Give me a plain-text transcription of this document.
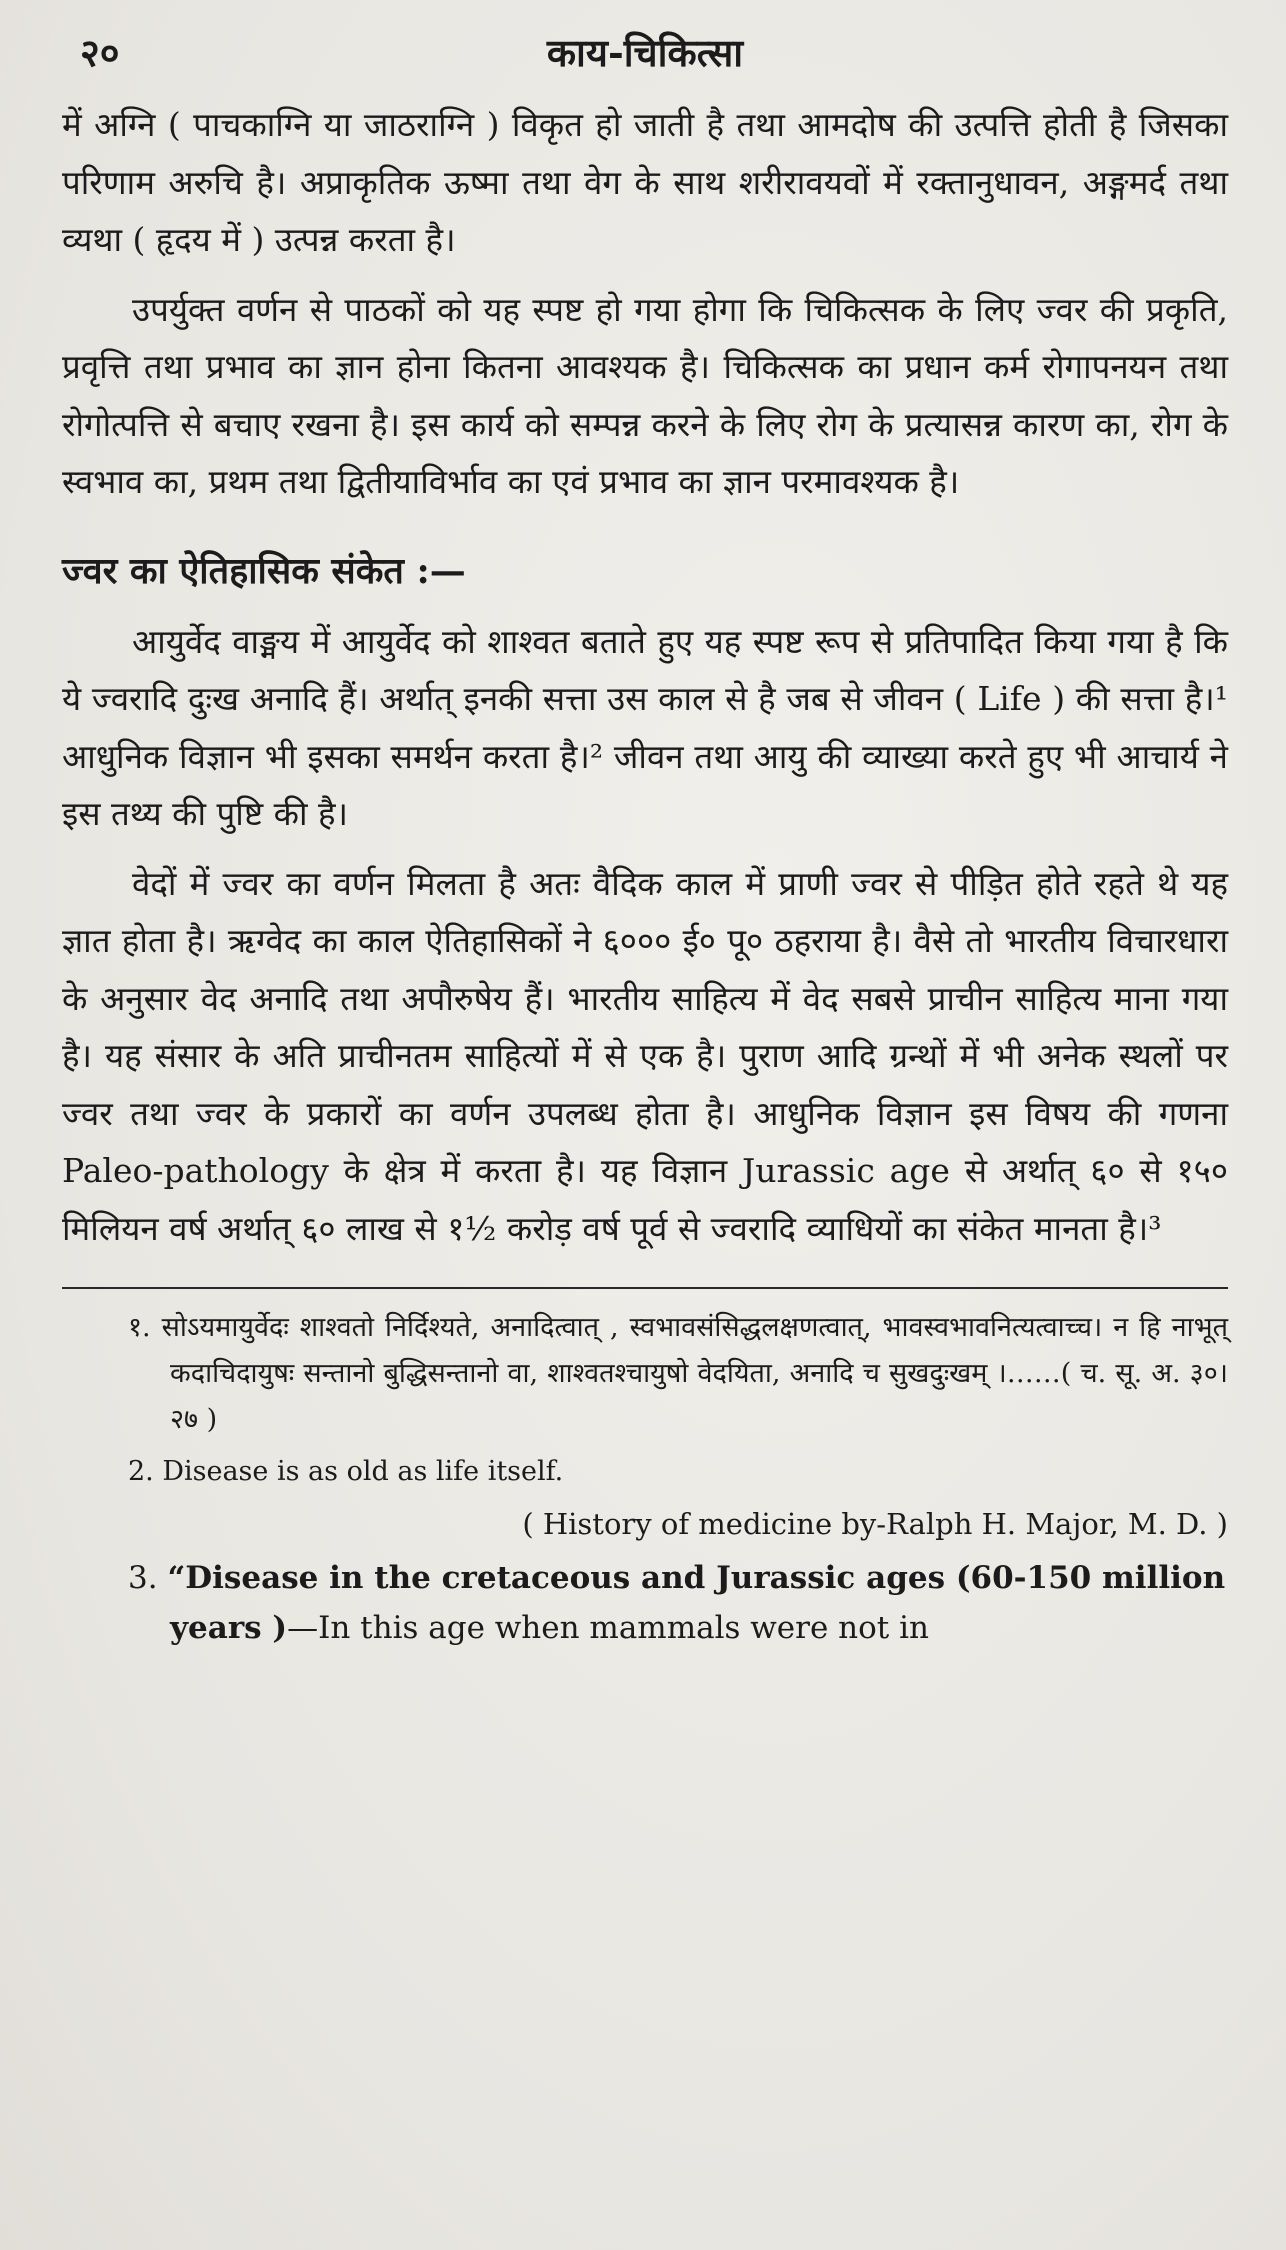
२०	काय-चिकित्सा

में अग्नि ( पाचकाग्नि या जाठराग्नि ) विकृत हो जाती है तथा आमदोष की उत्पत्ति होती है जिसका परिणाम अरुचि है। अप्राकृतिक ऊष्मा तथा वेग के साथ शरीरावयवों में रक्तानुधावन, अङ्गमर्द तथा व्यथा ( हृदय में ) उत्पन्न करता है।

उपर्युक्त वर्णन से पाठकों को यह स्पष्ट हो गया होगा कि चिकित्सक के लिए ज्वर की प्रकृति, प्रवृत्ति तथा प्रभाव का ज्ञान होना कितना आवश्यक है। चिकित्सक का प्रधान कर्म रोगापनयन तथा रोगोत्पत्ति से बचाए रखना है। इस कार्य को सम्पन्न करने के लिए रोग के प्रत्यासन्न कारण का, रोग के स्वभाव का, प्रथम तथा द्वितीयाविर्भाव का एवं प्रभाव का ज्ञान परमावश्यक है।

ज्वर का ऐतिहासिक संकेत :—

आयुर्वेद वाङ्मय में आयुर्वेद को शाश्वत बताते हुए यह स्पष्ट रूप से प्रतिपादित किया गया है कि ये ज्वरादि दुःख अनादि हैं। अर्थात् इनकी सत्ता उस काल से है जब से जीवन ( Life ) की सत्ता है।¹ आधुनिक विज्ञान भी इसका समर्थन करता है।² जीवन तथा आयु की व्याख्या करते हुए भी आचार्य ने इस तथ्य की पुष्टि की है।

वेदों में ज्वर का वर्णन मिलता है अतः वैदिक काल में प्राणी ज्वर से पीड़ित होते रहते थे यह ज्ञात होता है। ऋग्वेद का काल ऐतिहासिकों ने ६००० ई० पू० ठहराया है। वैसे तो भारतीय विचारधारा के अनुसार वेद अनादि तथा अपौरुषेय हैं। भारतीय साहित्य में वेद सबसे प्राचीन साहित्य माना गया है। यह संसार के अति प्राचीनतम साहित्यों में से एक है। पुराण आदि ग्रन्थों में भी अनेक स्थलों पर ज्वर तथा ज्वर के प्रकारों का वर्णन उपलब्ध होता है। आधुनिक विज्ञान इस विषय की गणना Paleo-pathology के क्षेत्र में करता है। यह विज्ञान Jurassic age से अर्थात् ६० से १५० मिलियन वर्ष अर्थात् ६० लाख से १½ करोड़ वर्ष पूर्व से ज्वरादि व्याधियों का संकेत मानता है।³

१. सोऽयमायुर्वेदः शाश्वतो निर्दिश्यते, अनादित्वात् , स्वभावसंसिद्धलक्षणत्वात्, भावस्वभावनित्यत्वाच्च। न हि नाभूत् कदाचिदायुषः सन्तानो बुद्धिसन्तानो वा, शाश्वतश्चायुषो वेदयिता, अनादि च सुखदुःखम् ।……( च. सू. अ. ३०।२७ )

2. Disease is as old as life itself.

( History of medicine by-Ralph H. Major, M. D. )

3. “Disease in the cretaceous and Jurassic ages (60-150 million years )—In this age when mammals were not in
